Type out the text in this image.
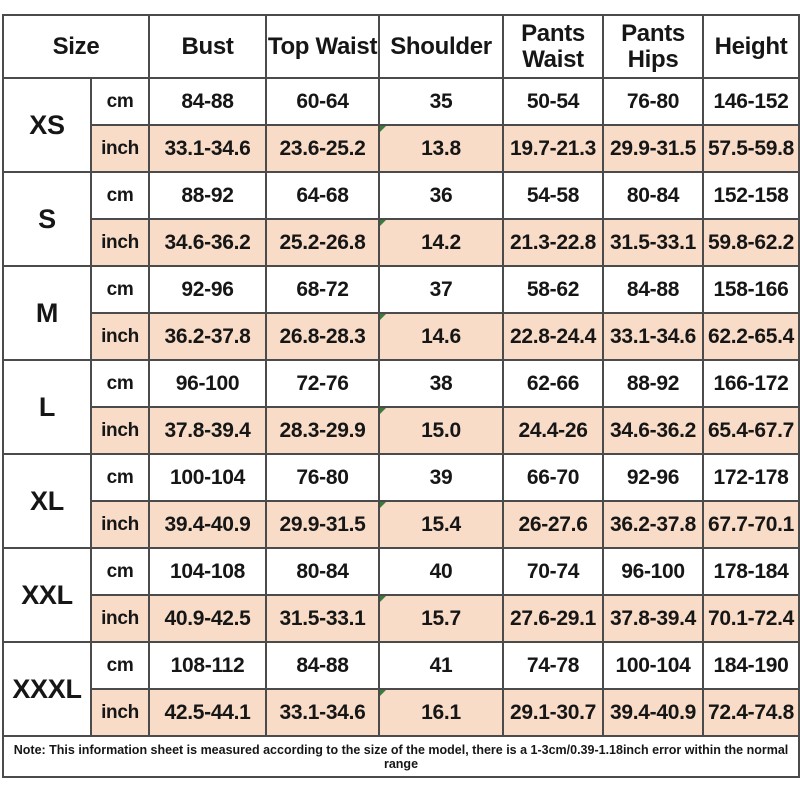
Size		Bust	Top Waist	Shoulder	Pants Waist	Pants Hips	Height
XS	cm	84-88	60-64	35	50-54	76-80	146-152
	inch	33.1-34.6	23.6-25.2	13.8	19.7-21.3	29.9-31.5	57.5-59.8
S	cm	88-92	64-68	36	54-58	80-84	152-158
	inch	34.6-36.2	25.2-26.8	14.2	21.3-22.8	31.5-33.1	59.8-62.2
M	cm	92-96	68-72	37	58-62	84-88	158-166
	inch	36.2-37.8	26.8-28.3	14.6	22.8-24.4	33.1-34.6	62.2-65.4
L	cm	96-100	72-76	38	62-66	88-92	166-172
	inch	37.8-39.4	28.3-29.9	15.0	24.4-26	34.6-36.2	65.4-67.7
XL	cm	100-104	76-80	39	66-70	92-96	172-178
	inch	39.4-40.9	29.9-31.5	15.4	26-27.6	36.2-37.8	67.7-70.1
XXL	cm	104-108	80-84	40	70-74	96-100	178-184
	inch	40.9-42.5	31.5-33.1	15.7	27.6-29.1	37.8-39.4	70.1-72.4
XXXL	cm	108-112	84-88	41	74-78	100-104	184-190
	inch	42.5-44.1	33.1-34.6	16.1	29.1-30.7	39.4-40.9	72.4-74.8
Note: This information sheet is measured according to the size of the model, there is a 1-3cm/0.39-1.18inch error within the normal range							
